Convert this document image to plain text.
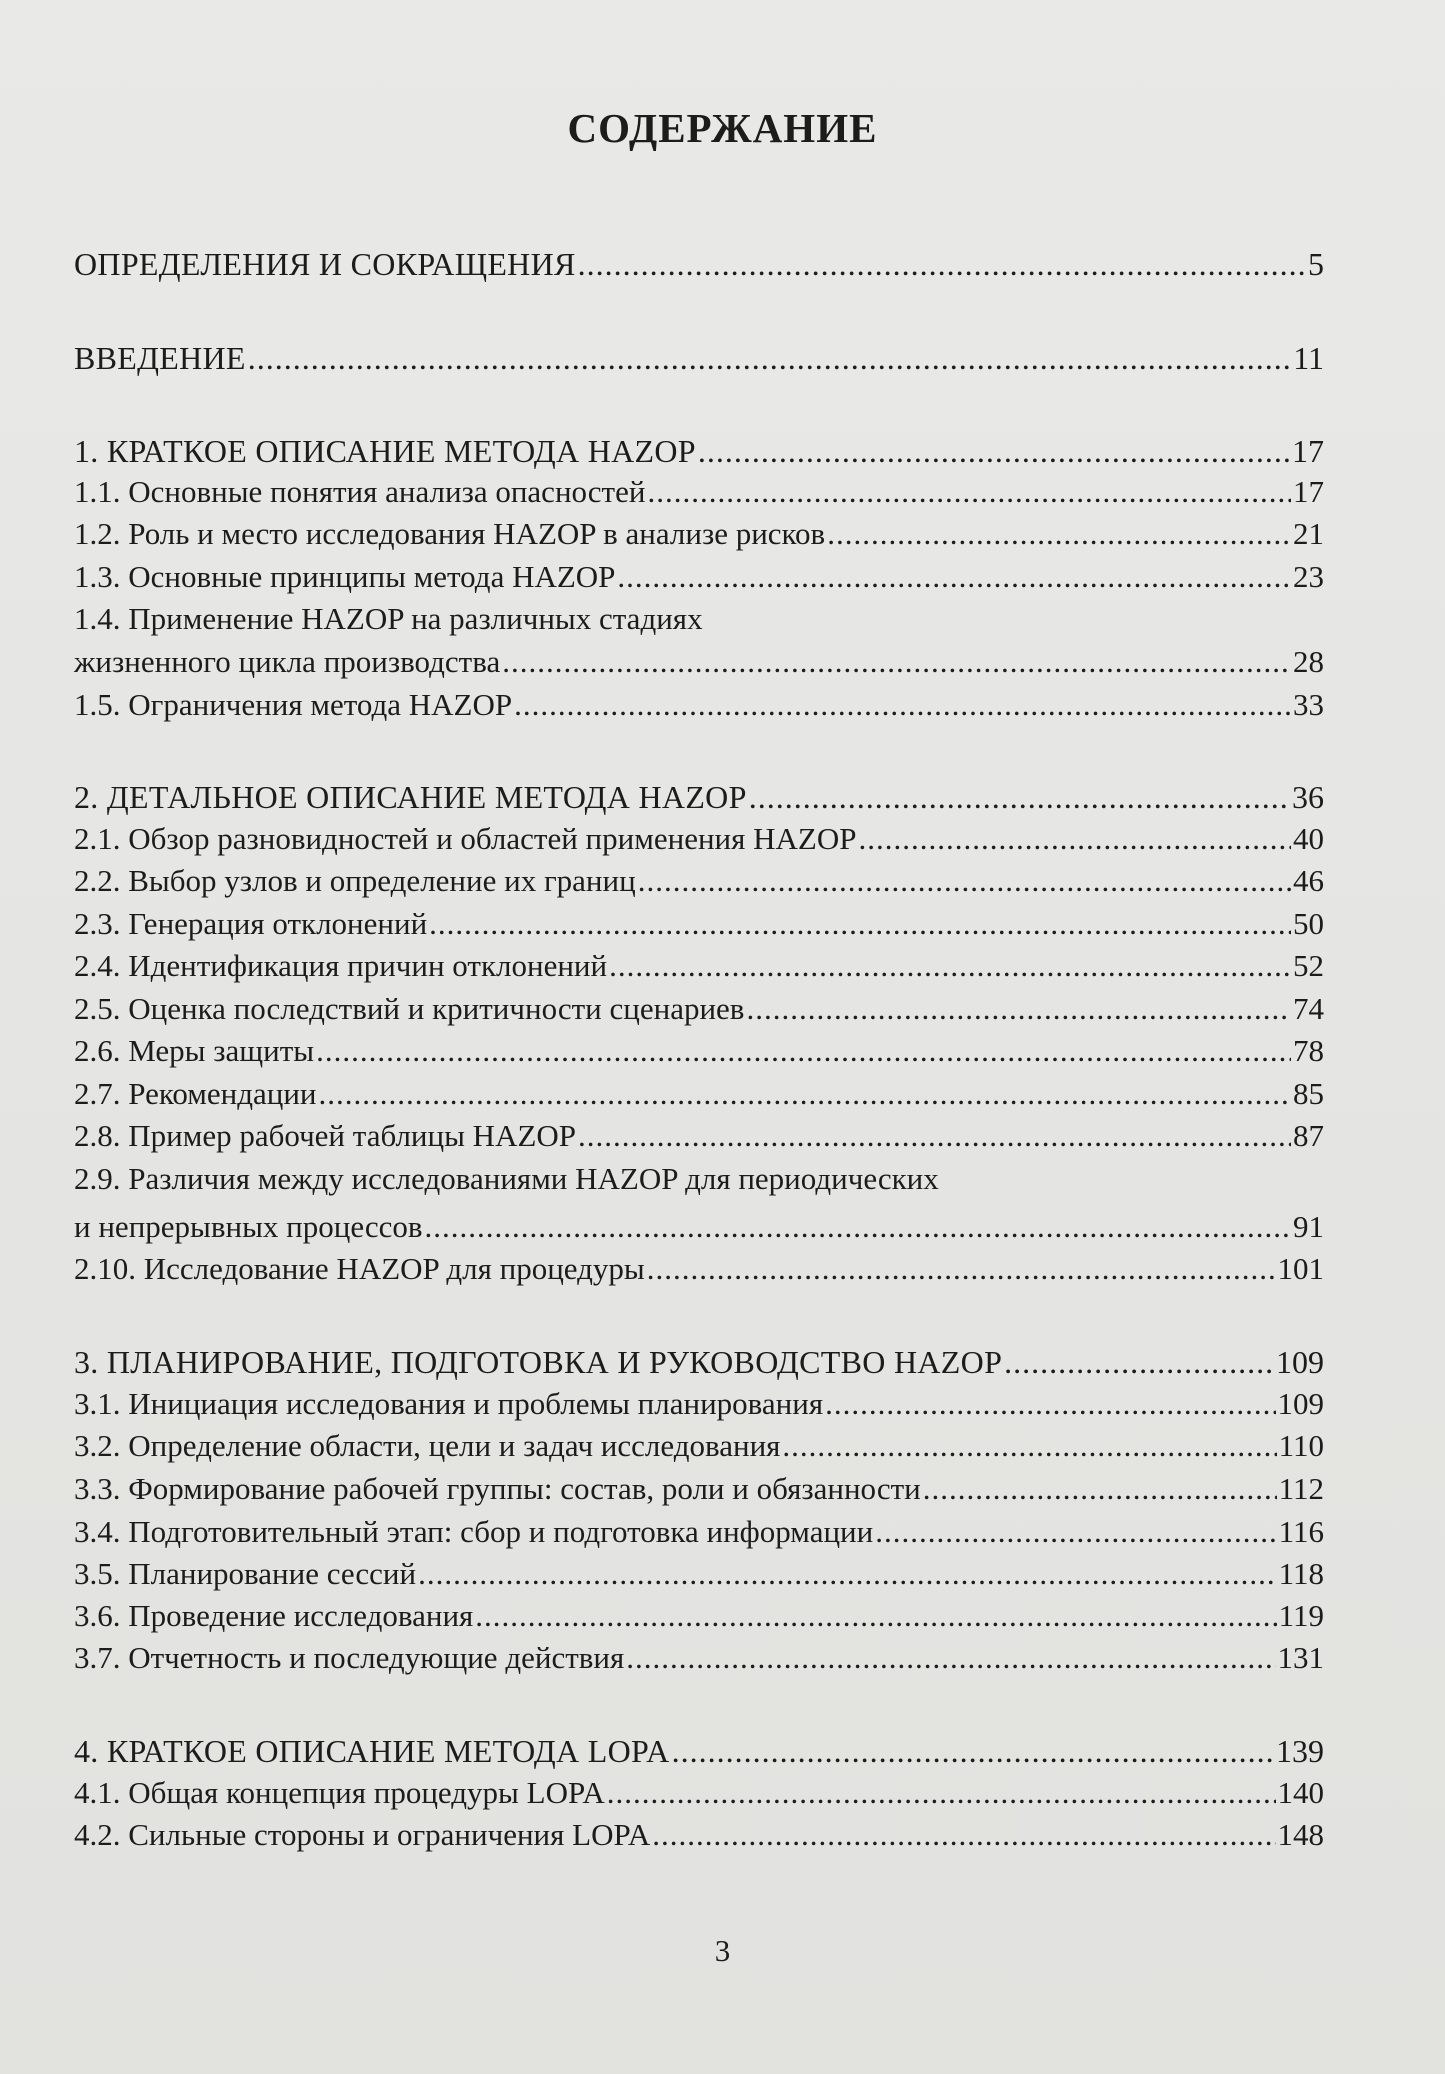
СОДЕРЖАНИЕ
ОПРЕДЕЛЕНИЯ И СОКРАЩЕНИЯ .....	5
ВВЕДЕНИЕ .....	11
1. КРАТКОЕ ОПИСАНИЕ МЕТОДА HAZOP .....	17
1.1. Основные понятия анализа опасностей .....	17
1.2. Роль и место исследования HAZOP в анализе рисков .....	21
1.3. Основные принципы метода HAZOP .....	23
1.4. Применение HAZOP на различных стадиях
жизненного цикла производства .....	28
1.5. Ограничения метода HAZOP .....	33
2. ДЕТАЛЬНОЕ ОПИСАНИЕ МЕТОДА HAZOP .....	36
2.1. Обзор разновидностей и областей применения HAZOP .....	40
2.2. Выбор узлов и определение их границ .....	46
2.3. Генерация отклонений .....	50
2.4. Идентификация причин отклонений .....	52
2.5. Оценка последствий и критичности сценариев .....	74
2.6. Меры защиты .....	78
2.7. Рекомендации .....	85
2.8. Пример рабочей таблицы HAZOP .....	87
2.9. Различия между исследованиями HAZOP для периодических
и непрерывных процессов .....	91
2.10. Исследование HAZOP для процедуры .....	101
3. ПЛАНИРОВАНИЕ, ПОДГОТОВКА И РУКОВОДСТВО HAZOP .....	109
3.1. Инициация исследования и проблемы планирования .....	109
3.2. Определение области, цели и задач исследования .....	110
3.3. Формирование рабочей группы: состав, роли и обязанности .....	112
3.4. Подготовительный этап: сбор и подготовка информации .....	116
3.5. Планирование сессий .....	118
3.6. Проведение исследования .....	119
3.7. Отчетность и последующие действия .....	131
4. КРАТКОЕ ОПИСАНИЕ МЕТОДА LOPA .....	139
4.1. Общая концепция процедуры LOPA .....	140
4.2. Сильные стороны и ограничения LOPA .....	148
3
